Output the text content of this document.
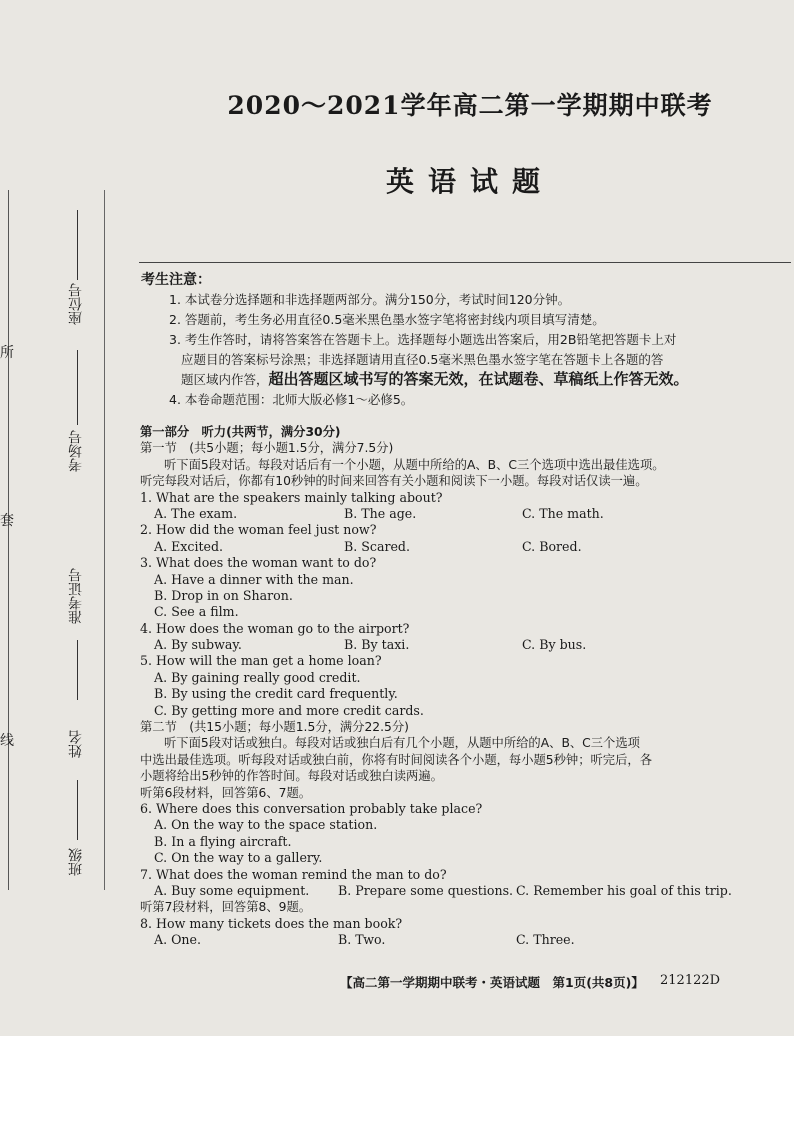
所
套
线
座位号
考场号
准考证号
姓名
班级
2020～2021学年高二第一学期期中联考
英语试题
考生注意：
1. 本试卷分选择题和非选择题两部分。满分150分，考试时间120分钟。
2. 答题前，考生务必用直径0.5毫米黑色墨水签字笔将密封线内项目填写清楚。
3. 考生作答时，请将答案答在答题卡上。选择题每小题选出答案后，用2B铅笔把答题卡上对
应题目的答案标号涂黑；非选择题请用直径0.5毫米黑色墨水签字笔在答题卡上各题的答
题区域内作答，超出答题区域书写的答案无效，在试题卷、草稿纸上作答无效。
4. 本卷命题范围：北师大版必修1～必修5。
第一部分　听力(共两节，满分30分)
第一节　(共5小题；每小题1.5分，满分7.5分)
听下面5段对话。每段对话后有一个小题，从题中所给的A、B、C三个选项中选出最佳选项。
听完每段对话后，你都有10秒钟的时间来回答有关小题和阅读下一小题。每段对话仅读一遍。
1. What are the speakers mainly talking about?
A. The exam.	B. The age.	C. The math.
2. How did the woman feel just now?
A. Excited.	B. Scared.	C. Bored.
3. What does the woman want to do?
A. Have a dinner with the man.
B. Drop in on Sharon.
C. See a film.
4. How does the woman go to the airport?
A. By subway.	B. By taxi.	C. By bus.
5. How will the man get a home loan?
A. By gaining really good credit.
B. By using the credit card frequently.
C. By getting more and more credit cards.
第二节　(共15小题；每小题1.5分，满分22.5分)
听下面5段对话或独白。每段对话或独白后有几个小题，从题中所给的A、B、C三个选项
中选出最佳选项。听每段对话或独白前，你将有时间阅读各个小题，每小题5秒钟；听完后，各
小题将给出5秒钟的作答时间。每段对话或独白读两遍。
听第6段材料，回答第6、7题。
6. Where does this conversation probably take place?
A. On the way to the space station.
B. In a flying aircraft.
C. On the way to a gallery.
7. What does the woman remind the man to do?
A. Buy some equipment. B. Prepare some questions. C. Remember his goal of this trip.
听第7段材料，回答第8、9题。
8. How many tickets does the man book?
A. One.	B. Two.	C. Three.
【高二第一学期期中联考・英语试题　第1页(共8页)】 212122D
